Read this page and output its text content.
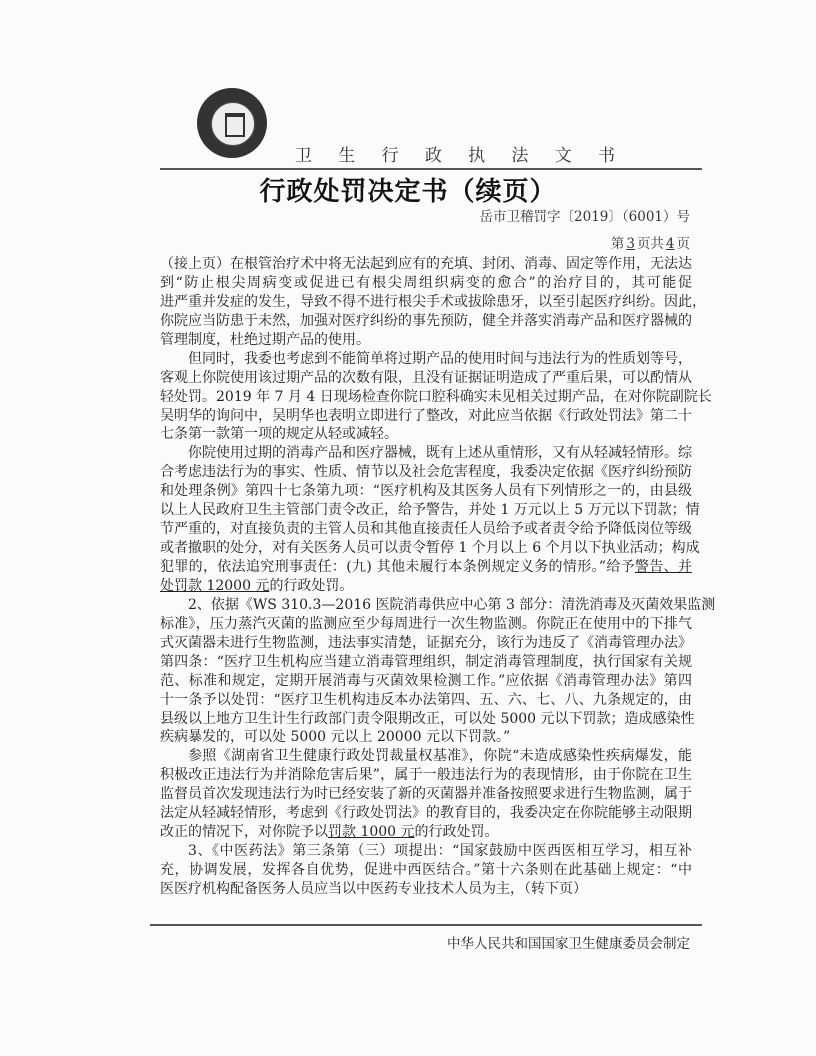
卫 生 行 政 执 法 文 书
行政处罚决定书（续页）
岳市卫稽罚字〔2019〕（6001）号
第 3 页共 4 页
（接上页）在根管治疗术中将无法起到应有的充填、封闭、消毒、固定等作用，无法达
到“防止根尖周病变或促进已有根尖周组织病变的愈合”的治疗目的，其可能促
进严重并发症的发生，导致不得不进行根尖手术或拔除患牙，以至引起医疗纠纷。因此，
你院应当防患于未然，加强对医疗纠纷的事先预防，健全并落实消毒产品和医疗器械的
管理制度，杜绝过期产品的使用。
但同时，我委也考虑到不能简单将过期产品的使用时间与违法行为的性质划等号，
客观上你院使用该过期产品的次数有限，且没有证据证明造成了严重后果，可以酌情从
轻处罚。2019 年 7 月 4 日现场检查你院口腔科确实未见相关过期产品，在对你院副院长
吴明华的询问中，吴明华也表明立即进行了整改，对此应当依据《行政处罚法》第二十
七条第一款第一项的规定从轻或减轻。
你院使用过期的消毒产品和医疗器械，既有上述从重情形，又有从轻减轻情形。综
合考虑违法行为的事实、性质、情节以及社会危害程度，我委决定依据《医疗纠纷预防
和处理条例》第四十七条第九项：“医疗机构及其医务人员有下列情形之一的，由县级
以上人民政府卫生主管部门责令改正，给予警告，并处 1 万元以上 5 万元以下罚款；情
节严重的，对直接负责的主管人员和其他直接责任人员给予或者责令给予降低岗位等级
或者撤职的处分，对有关医务人员可以责令暂停 1 个月以上 6 个月以下执业活动；构成
犯罪的，依法追究刑事责任：(九) 其他未履行本条例规定义务的情形。”给予警告、并
处罚款 12000 元的行政处罚。
2、依据《WS 310.3—2016 医院消毒供应中心第 3 部分：清洗消毒及灭菌效果监测
标准》，压力蒸汽灭菌的监测应至少每周进行一次生物监测。你院正在使用中的下排气
式灭菌器未进行生物监测，违法事实清楚，证据充分，该行为违反了《消毒管理办法》
第四条：“医疗卫生机构应当建立消毒管理组织，制定消毒管理制度，执行国家有关规
范、标准和规定，定期开展消毒与灭菌效果检测工作。”应依据《消毒管理办法》第四
十一条予以处罚：“医疗卫生机构违反本办法第四、五、六、七、八、九条规定的，由
县级以上地方卫生计生行政部门责令限期改正，可以处 5000 元以下罚款；造成感染性
疾病暴发的，可以处 5000 元以上 20000 元以下罚款。”
参照《湖南省卫生健康行政处罚裁量权基准》，你院“未造成感染性疾病爆发，能
积极改正违法行为并消除危害后果”，属于一般违法行为的表现情形，由于你院在卫生
监督员首次发现违法行为时已经安装了新的灭菌器并准备按照要求进行生物监测，属于
法定从轻减轻情形，考虑到《行政处罚法》的教育目的，我委决定在你院能够主动限期
改正的情况下，对你院予以罚款 1000 元的行政处罚。
3、《中医药法》第三条第（三）项提出：“国家鼓励中医西医相互学习，相互补
充，协调发展，发挥各自优势，促进中西医结合。”第十六条则在此基础上规定：“中
医医疗机构配备医务人员应当以中医药专业技术人员为主，（转下页）
中华人民共和国国家卫生健康委员会制定
